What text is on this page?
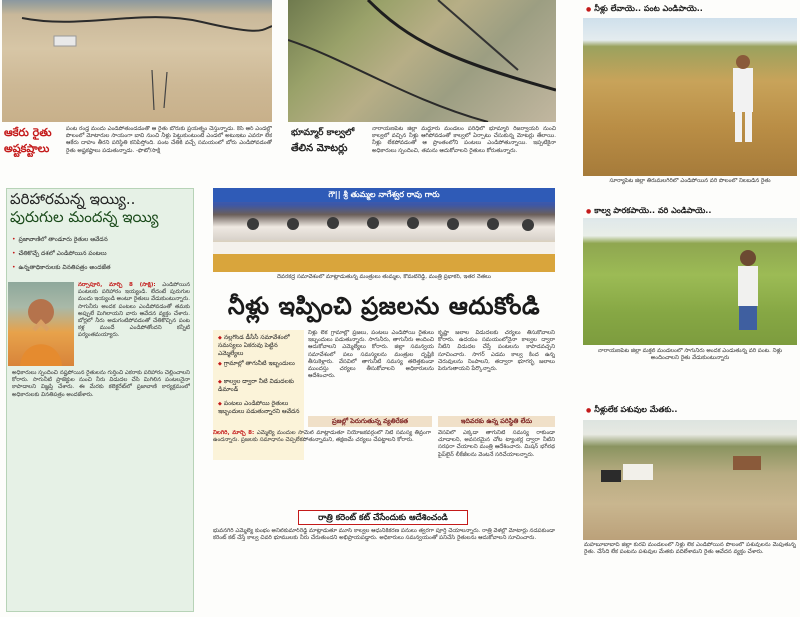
ఆకేరు రైతు
అష్టకష్టాలు
పంట రంధ్ర మందు ఎండిపోతుండడంతో ఆ రైతు బోరుకు ప్రయత్నం చేస్తున్నాడు. కేసీ ఆర్ ఎండల్లో పొలంలో మోటారుల సాయంగా బావి నుంచి నీళ్లు పెట్టుకుంటుంటే ఎండలో అటుఇటు ఎవరూ లేక ఆకేరు దాహం తీరని పరిస్థితి కనిపిస్తోంది. పంట చేతికి వచ్చే సమయంలో బోరు ఎండిపోవడంతో రైతు అష్టకష్టాలు పడుతున్నాడు. -ఫొటో/సాక్షి
భూమ్మార్ కాల్వలో
తేలిన మోటర్లు
నారాయణపేట జిల్లా మద్దూరు మండలం పరిధిలో భూమ్మార్ రిజర్వాయర్ నుంచి కాల్వలో వచ్చిన నీళ్లు ఆగిపోవడంతో కాల్వలో ఏర్పాటు చేసుకున్న మోటర్లు తేలాయి. నీళ్లు లేకపోవడంతో ఆ ప్రాంతంలోని పంటలు ఎండిపోతున్నాయి. ఇప్పటికైనా అధికారులు స్పందించి, తమను ఆదుకోవాలని రైతులు కోరుతున్నారు.
పరిహారమన్న ఇయ్యి..
పురుగుల మందన్న ఇయ్యి
• ప్రజావాణిలో తాండూరు రైతుల ఆవేదన
• చేతికొచ్చే దశలో ఎండిపోయిన పంటలు
• ఉన్నతాధికారులకు వినతిపత్రం అందజేత
నర్సాపూర్, మార్చి 8 (సాక్షి): ఎండిపోయిన పంటలకు పరిహారం ఇయ్యండి. లేదంటే పురుగుల మందు ఇయ్యండి అంటూ రైతులు వేడుకుంటున్నారు. సాగునీరు అందక పంటలు ఎండిపోవడంతో తమకు అప్పులే మిగిలాయని వారు ఆవేదన వ్యక్తం చేశారు. బోర్లలో నీరు అడుగంటిపోవడంతో చేతికొచ్చిన పంట కళ్ల ముందే ఎండిపోతోందని కన్నీటి పర్యంతమయ్యారు.
అధికారులు స్పందించి నష్టపోయిన రైతులను గుర్తించి ఎకరాకు పరిహారం చెల్లించాలని కోరారు. సాగునీటి ప్రాజెక్టుల నుంచి నీరు విడుదల చేసి మిగిలిన పంటలనైనా కాపాడాలని విజ్ఞప్తి చేశారు. ఈ మేరకు కలెక్టరేట్‌లో ప్రజావాణి కార్యక్రమంలో అధికారులకు వినతిపత్రం అందజేశారు.
గౌ|| శ్రీ తుమ్మల నాగేశ్వర రావు గారు
దేవరకద్ర సమావేశంలో మాట్లాడుతున్న మంత్రులు తుమ్మల, కోమటిరెడ్డి, మంత్రి ప్రభాకర్, ఇతర నేతలు
నీళ్లు ఇప్పించి ప్రజలను ఆదుకోండి
◆ నల్లగొండ డీసీసీ సమావేశంలో సమస్యలు ఏకరువు పెట్టిన ఎమ్మెల్యేలు
◆ గ్రామాల్లో తాగునీటి ఇబ్బందులు
◆ కాల్వల ద్వారా నీటి విడుదలకు డిమాండ్
◆ పంటలు ఎండిపోయి రైతులు ఇబ్బందులు పడుతున్నారని ఆవేదన
నీళ్లు లేక గ్రామాల్లో ప్రజలు, పంటలు ఎండిపోయి రైతులు ఇబ్బందులు పడుతున్నారు. సాగునీరు, తాగునీరు అందించి ఆదుకోవాలని ఎమ్మెల్యేలు కోరారు. జిల్లా సమన్వయ సమావేశంలో పలు సమస్యలను మంత్రుల దృష్టికి తీసుకెళ్లారు. వేసవిలో తాగునీటి సమస్య తలెత్తకుండా ముందస్తు చర్యలు తీసుకోవాలని అధికారులను ఆదేశించారు.
కృష్ణా జలాల విడుదలకు చర్యలు తీసుకోవాలని కోరారు. ఉదయం సమయంలోనైనా కాల్వల ద్వారా నీటిని విడుదల చేస్తే పంటలను కాపాడవచ్చని సూచించారు. సాగర్ ఎడమ కాల్వ కింద ఉన్న చెరువులను నింపాలని, తద్వారా భూగర్భ జలాలు పెరుగుతాయని పేర్కొన్నారు.
ప్రజల్లో పెరుగుతున్న వ్యతిరేకత	ఇదివరకు ఉన్న పరిస్థితి లేదు
నీలగిరి, మార్చి 8: ఎమ్మెల్యే మందుల సామేల్ మాట్లాడుతూ నియోజకవర్గంలో నీటి సమస్య తీవ్రంగా ఉందన్నారు. ప్రజలకు సమాధానం చెప్పలేకపోతున్నామని, తక్షణమే చర్యలు చేపట్టాలని కోరారు.
వేసవిలో ఎక్కడా తాగునీటి సమస్య రాకుండా చూడాలని, అవసరమైన చోట ట్యాంకర్ల ద్వారా నీటిని సరఫరా చేయాలని మంత్రి ఆదేశించారు. మిషన్ భగీరథ పైప్‌లైన్ లీకేజీలను వెంటనే సరిచేయాలన్నారు.
రాత్రి కరెంట్ కట్ చేసేందుకు ఆదేశించండి
భువనగిరి ఎమ్మెల్యే కుంభం అనిల్‌కుమార్‌రెడ్డి మాట్లాడుతూ మూసీ కాల్వల ఆధునికీకరణ పనులు త్వరగా పూర్తి చేయాలన్నారు. రాత్రి వేళల్లో మోటార్లు నడపకుండా కరెంట్ కట్ చేస్తే కాల్వ చివరి భూములకు నీరు చేరుతుందని అభిప్రాయపడ్డారు. అధికారులు సమన్వయంతో పనిచేసి రైతులను ఆదుకోవాలని సూచించారు.
● నీళ్లు లేవాయె.. పంట ఎండిపాయె..
సూర్యాపేట జిల్లా తిరుమలగిరిలో ఎండిపోయిన వరి పొలంలో నిలబడిన రైతు
● కాల్వ పారకపాయె.. వరి ఎండిపాయె..
నారాయణపేట జిల్లా మక్తల్ మండలంలో సాగునీరు అందక ఎండుతున్న వరి పంట. నీళ్లు అందించాలని రైతు వేడుకుంటున్నారు
● నీళ్లులేక పశువుల మేతకు..
మహబూబాబాద్ జిల్లా కురవి మండలంలో నీళ్లు లేక ఎండిపోయిన పొలంలో పశువులను మేపుతున్న రైతు. చేసేది లేక పంటను పశువుల మేతకు వదిలేశామని రైతు ఆవేదన వ్యక్తం చేశారు.
